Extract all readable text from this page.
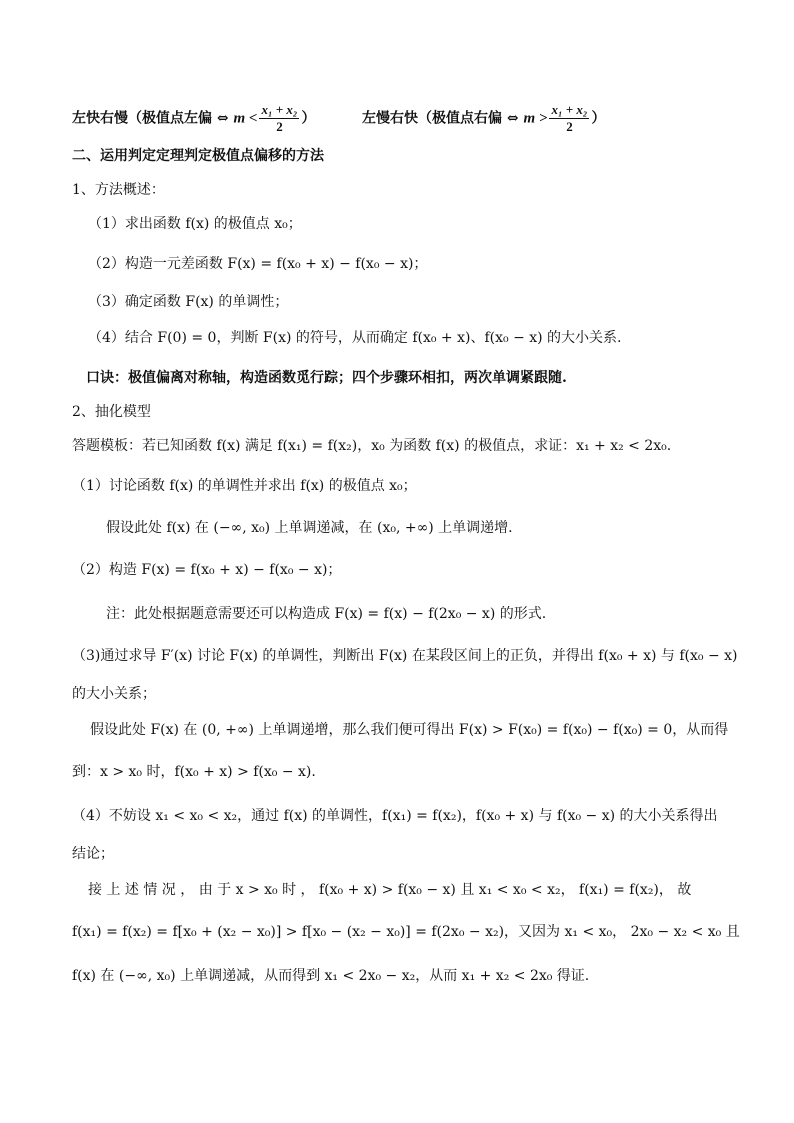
左快右慢（极值点左偏 ⇔ $m < \frac{\text{x₁ + x₂}}{2}$ ）	左慢右快（极值点右偏 ⇔ $m > \frac{\text{x₁ + x₂}}{2}$ ）
二、运用判定定理判定极值点偏移的方法
1、方法概述：
（1）求出函数 f(x) 的极值点 x₀；
（2）构造一元差函数 F(x) = f(x₀ + x) − f(x₀ − x)；
（3）确定函数 F(x) 的单调性；
（4）结合 F(0) = 0，判断 F(x) 的符号，从而确定 f(x₀ + x)、f(x₀ − x) 的大小关系.
口诀：极值偏离对称轴，构造函数觅行踪；四个步骤环相扣，两次单调紧跟随.
2、抽化模型
答题模板：若已知函数 f(x) 满足 f(x₁) = f(x₂)，x₀ 为函数 f(x) 的极值点，求证：x₁ + x₂ < 2x₀.
（1）讨论函数 f(x) 的单调性并求出 f(x) 的极值点 x₀；
假设此处 f(x) 在 (−∞, x₀) 上单调递减，在 (x₀, +∞) 上单调递增.
（2）构造 F(x) = f(x₀ + x) − f(x₀ − x)；
注：此处根据题意需要还可以构造成 F(x) = f(x) − f(2x₀ − x) 的形式.
（3)通过求导 F′(x) 讨论 F(x) 的单调性，判断出 F(x) 在某段区间上的正负，并得出 f(x₀ + x) 与 f(x₀ − x)
的大小关系；
假设此处 F(x) 在 (0, +∞) 上单调递增，那么我们便可得出 F(x) > F(x₀) = f(x₀) − f(x₀) = 0，从而得
到：x > x₀ 时，f(x₀ + x) > f(x₀ − x).
（4）不妨设 x₁ < x₀ < x₂，通过 f(x) 的单调性，f(x₁) = f(x₂)，f(x₀ + x) 与 f(x₀ − x) 的大小关系得出
结论；
接 上 述 情 况 ， 由 于 x > x₀ 时 ， f(x₀ + x) > f(x₀ − x) 且 x₁ < x₀ < x₂， f(x₁) = f(x₂)， 故
f(x₁) = f(x₂) = f[x₀ + (x₂ − x₀)] > f[x₀ − (x₂ − x₀)] = f(2x₀ − x₂)，又因为 x₁ < x₀， 2x₀ − x₂ < x₀ 且
f(x) 在 (−∞, x₀) 上单调递减，从而得到 x₁ < 2x₀ − x₂，从而 x₁ + x₂ < 2x₀ 得证.
